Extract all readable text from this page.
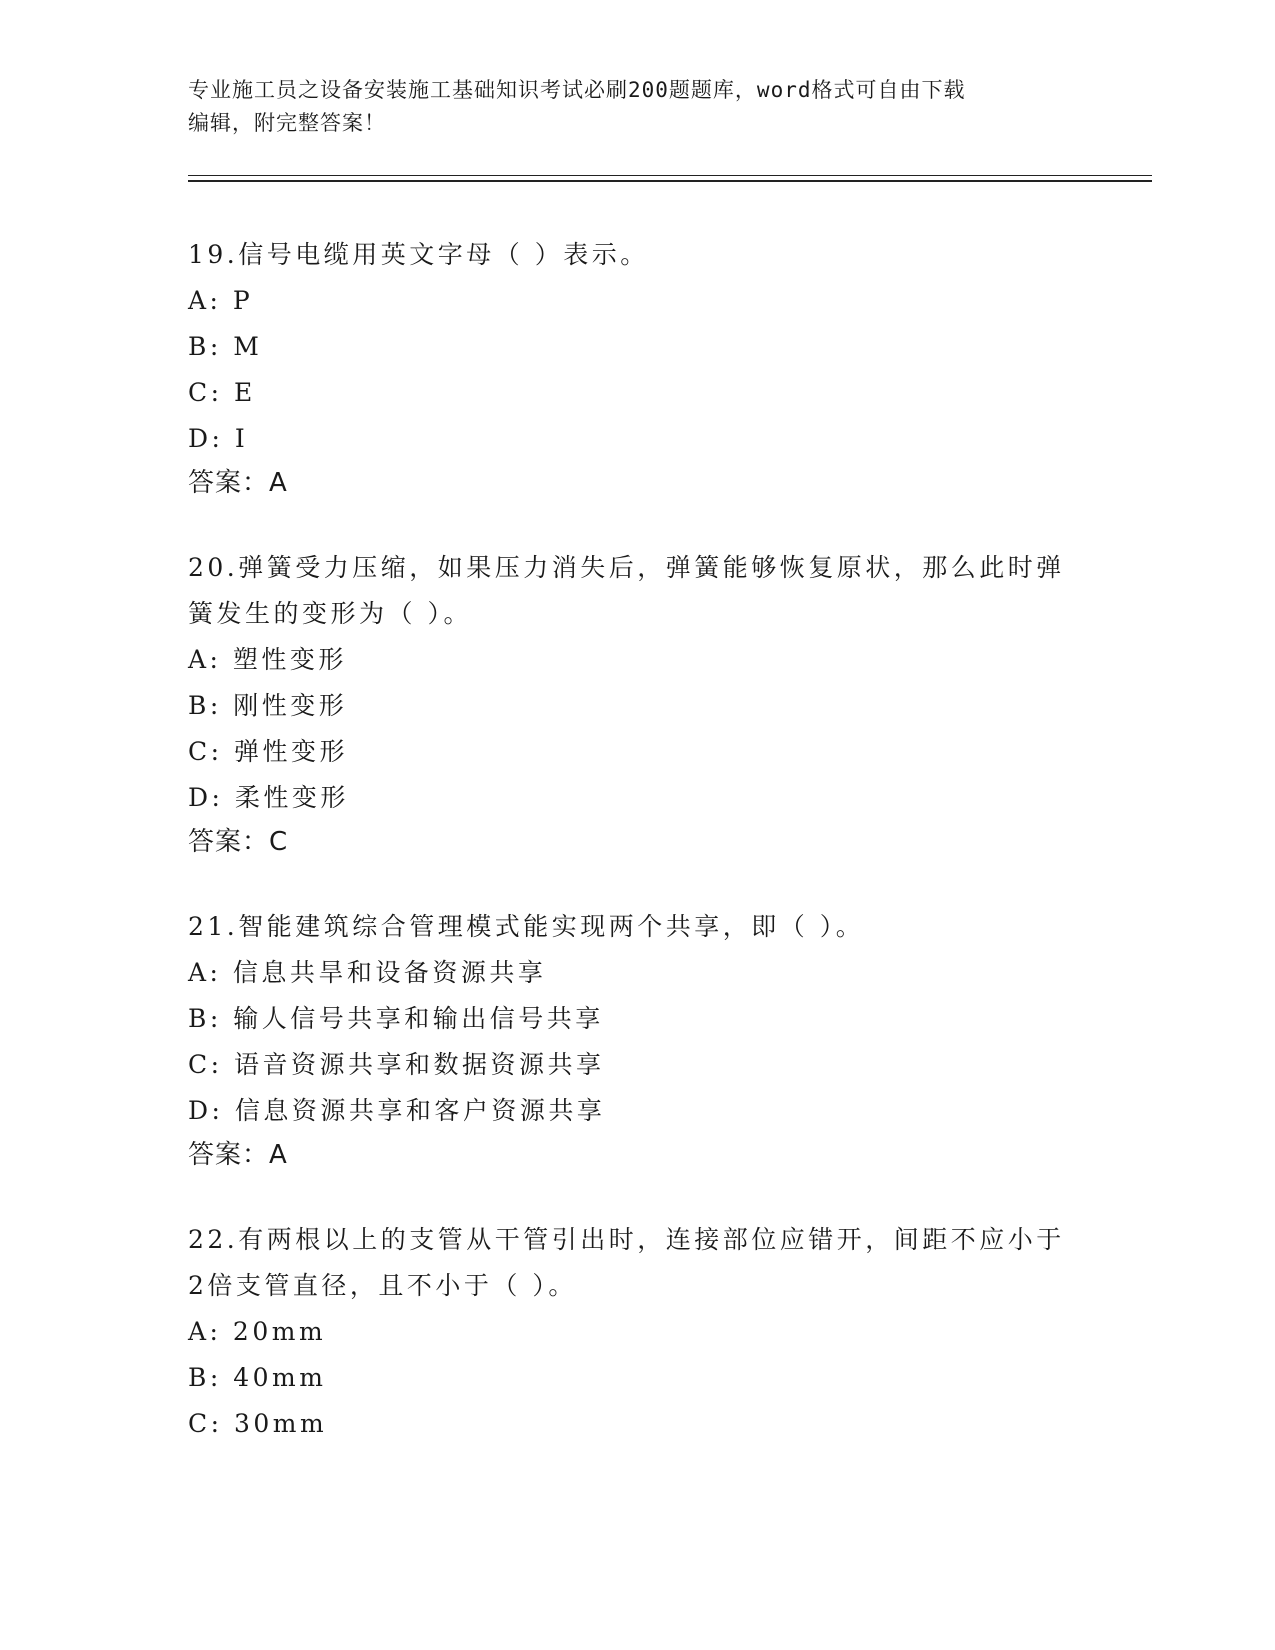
专业施工员之设备安装施工基础知识考试必刷200题题库，word格式可自由下载
编辑，附完整答案！

19.信号电缆用英文字母（ ）表示。

A: P

B: M

C: E

D: I

答案：A

20.弹簧受力压缩，如果压力消失后，弹簧能够恢复原状，那么此时弹

簧发生的变形为（ ）。

A: 塑性变形

B: 刚性变形

C: 弹性变形

D: 柔性变形

答案：C

21.智能建筑综合管理模式能实现两个共享，即（ ）。

A: 信息共旱和设备资源共享

B: 输人信号共享和输出信号共享

C: 语音资源共享和数据资源共享

D: 信息资源共享和客户资源共享

答案：A

22.有两根以上的支管从干管引出时，连接部位应错开，间距不应小于

2倍支管直径，且不小于（ ）。

A: 20mm

B: 40mm

C: 30mm
